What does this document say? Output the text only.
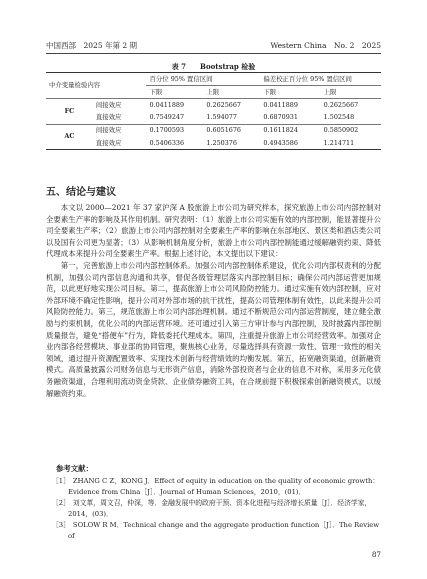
中国西部　2025 年第 2 期	Western China　No. 2　2025
表 7　　Bootstrap 检验
中介变量检验内容		百分位 95% 置信区间		偏差校正百分位 95% 置信区间	
		下限	上限	下限	上限
FC	间接效应	0.0411889	0.2625667	0.0411889	0.2625667
	直接效应	0.7549247	1.594077	0.6870931	1.502548
AC	间接效应	0.1700593	0.6051676	0.1611824	0.5850902
	直接效应	0.5406336	1.250376	0.4943586	1.214711
五、结论与建议

本文以 2000—2021 年 37 家沪深 A 股旅游上市公司为研究样本，探究旅游上市公司内部控制对全要素生产率的影响及其作用机制。研究表明：（1）旅游上市公司实施有效的内部控制，能显著提升公司全要素生产率；（2）旅游上市公司内部控制对全要素生产率的影响在东部地区、景区类和酒店类公司以及国有公司更为显著；（3）从影响机制角度分析，旅游上市公司内部控制能通过缓解融资约束、降低代理成本来提升公司全要素生产率。根据上述讨论，本文提出以下建议：

第一，完善旅游上市公司内部控制体系。加强公司内部控制体系建设，优化公司内部权责利的分配机制，加强公司内部信息沟通和共享，督促各级管理层落实内部控制目标；确保公司内部运营更加规范，以此更好地实现公司目标。第二，提高旅游上市公司风险防控能力。通过实施有效内部控制，应对外部环境不确定性影响，提升公司对外部市场的抗干扰性，提高公司管理体制有效性，以此来提升公司风险防控能力。第三，规范旅游上市公司内部治理机制。通过不断规范公司内部运营制度，建立健全激励与约束机制，优化公司的内部运营环境。还可通过引入第三方审计参与内部控制，及时披露内部控制质量报告，避免“搭便车”行为，降低委托代理成本。第四，注重提升旅游上市公司经营效率。加强对企业内部各经营模块、事业部的协同管理，聚焦核心业务，尽量选择具有资源一致性、管理一致性的相关领域，通过提升资源配置效率、实现技术创新与经营绩效的均衡发展。第五，拓宽融资渠道，创新融资模式。高质量披露公司财务信息与无形资产信息，消除外部投资者与企业的信息不对称，采用多元化债务融资渠道，合理利用流动资金贷款、企业债券融资工具，在合规前提下积极探索创新融资模式，以缓解融资约束。

参考文献：
［1］ ZHANG C Z，KONG J．Effect of equity in education on the quality of economic growth：Evidence from China［J］．Journal of Human Sciences，2010，(01)．
［2］ 刘文革，周文召，仲深，等．金融发展中的政府干预、资本化进程与经济增长质量［J］．经济学家，2014，(03)．
［3］ SOLOW R M．Technical change and the aggregate production function［J］．The Review of
87
